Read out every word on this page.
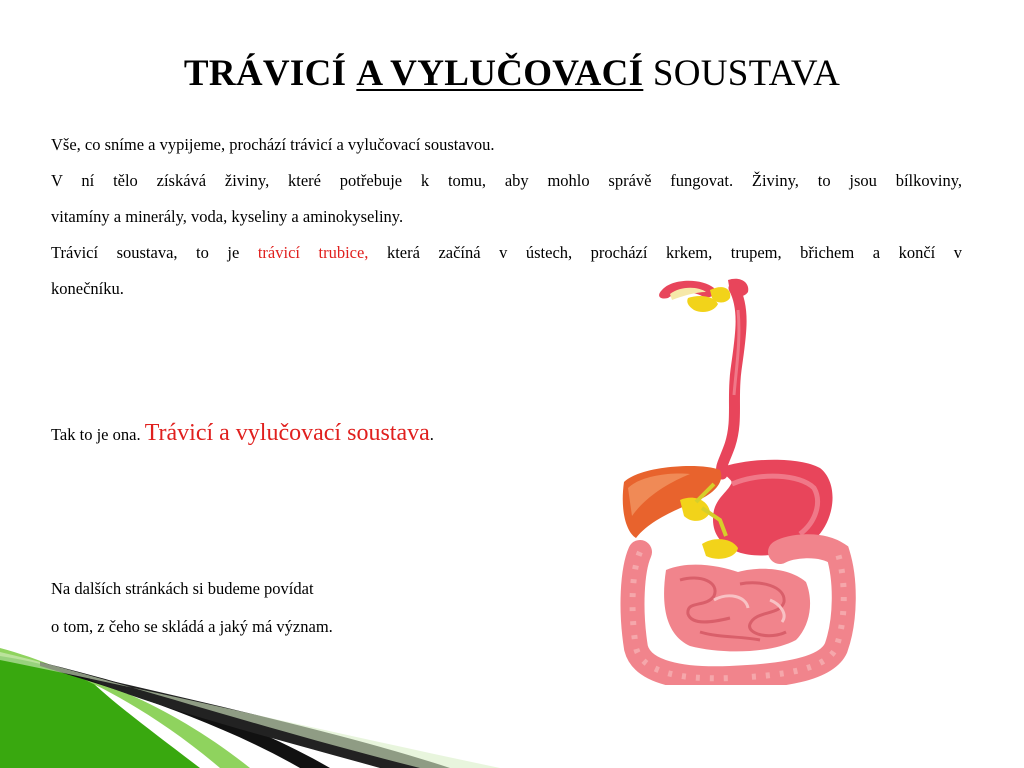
TRÁVICÍ A VYLUČOVACÍ SOUSTAVA
Vše, co sníme a vypijeme, prochází trávicí a vylučovací soustavou.
V ní tělo získává živiny, které potřebuje k tomu, aby mohlo správě fungovat. Živiny, to jsou bílkoviny,
vitamíny a minerály, voda, kyseliny a aminokyseliny.
Trávicí soustava, to je trávicí trubice, která začíná v ústech, prochází krkem, trupem, břichem a končí v
konečníku.
Tak to je ona. Trávicí a vylučovací soustava.
Na dalších stránkách si budeme povídat
o tom, z čeho se skládá a jaký má význam.
